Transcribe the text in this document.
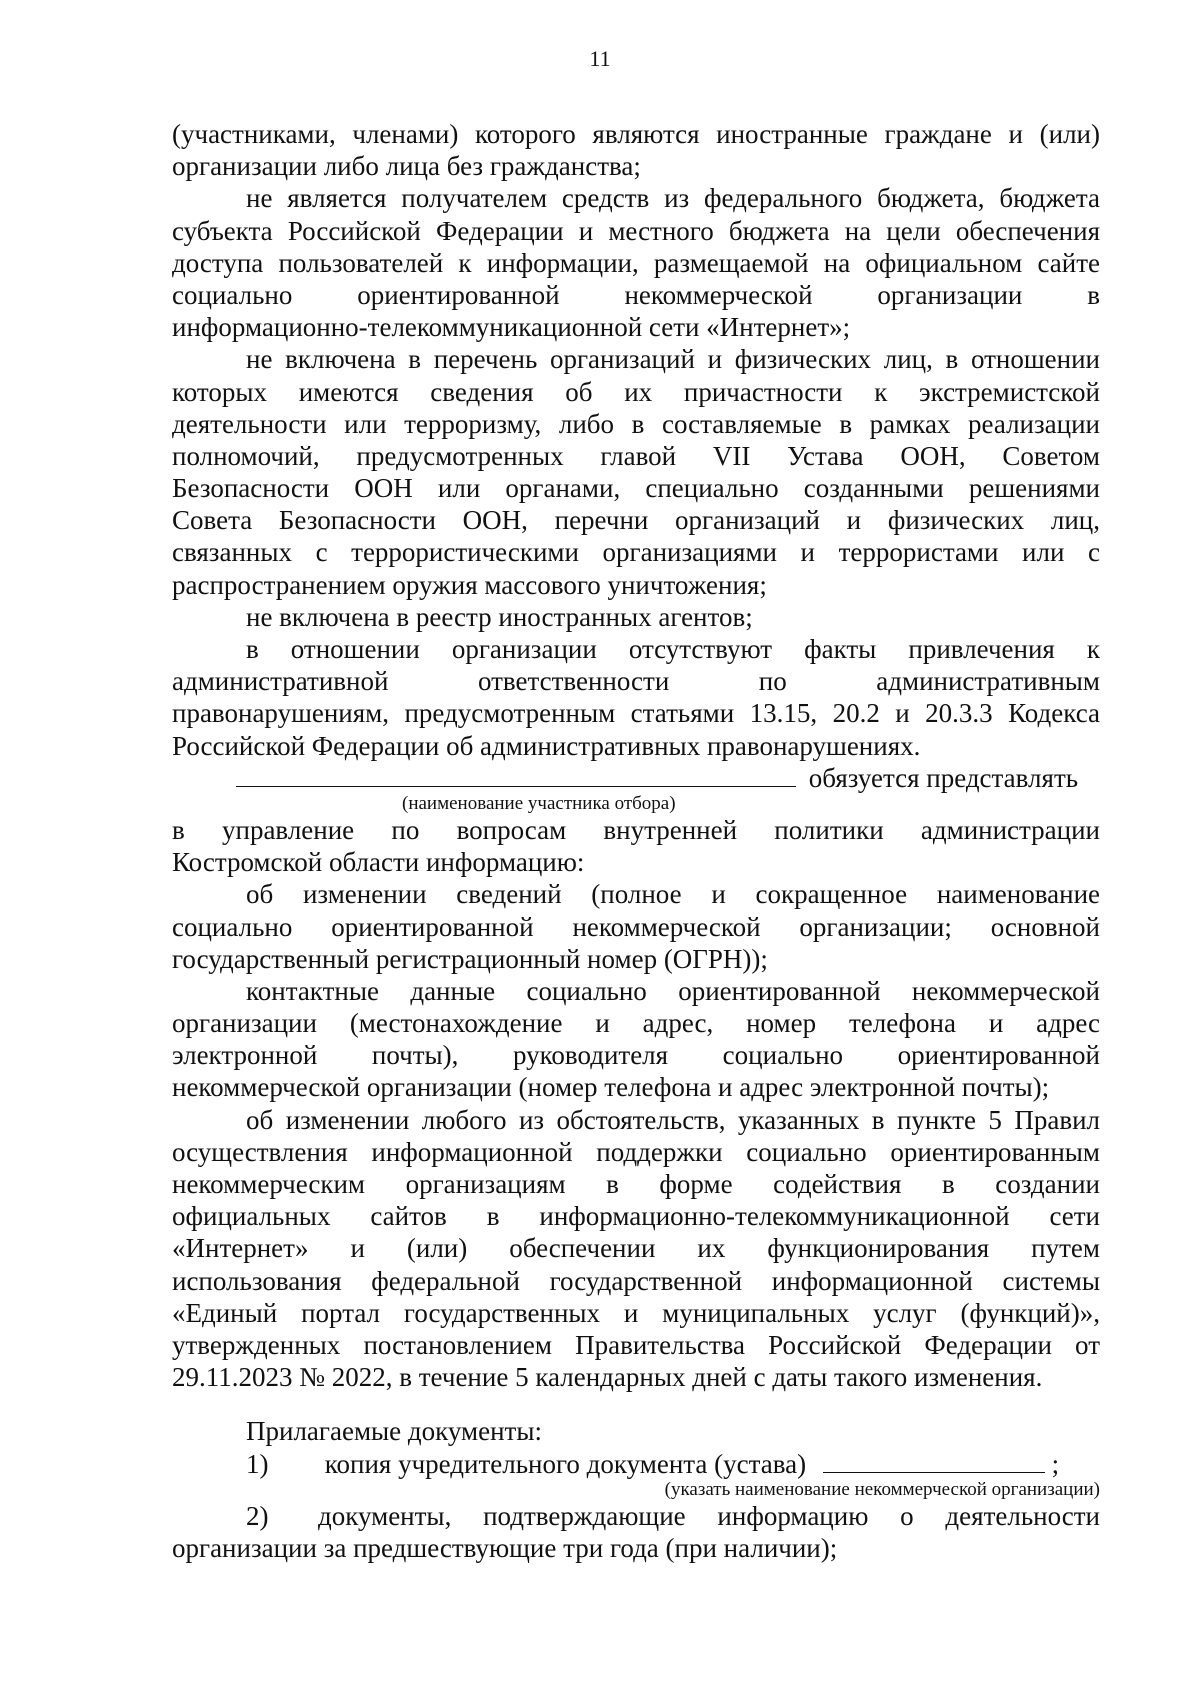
11
(участниками, членами) которого являются иностранные граждане и (или)
организации либо лица без гражданства;
не является получателем средств из федерального бюджета, бюджета
субъекта Российской Федерации и местного бюджета на цели обеспечения
доступа пользователей к информации, размещаемой на официальном сайте
социально ориентированной некоммерческой организации в
информационно-телекоммуникационной сети «Интернет»;
не включена в перечень организаций и физических лиц, в отношении
которых имеются сведения об их причастности к экстремистской
деятельности или терроризму, либо в составляемые в рамках реализации
полномочий, предусмотренных главой VII Устава ООН, Советом
Безопасности ООН или органами, специально созданными решениями
Совета Безопасности ООН, перечни организаций и физических лиц,
связанных с террористическими организациями и террористами или с
распространением оружия массового уничтожения;
не включена в реестр иностранных агентов;
в отношении организации отсутствуют факты привлечения к
административной ответственности по административным
правонарушениям, предусмотренным статьями 13.15, 20.2 и 20.3.3 Кодекса
Российской Федерации об административных правонарушениях.
обязуется представлять
(наименование участника отбора)
в управление по вопросам внутренней политики администрации
Костромской области информацию:
об изменении сведений (полное и сокращенное наименование
социально ориентированной некоммерческой организации; основной
государственный регистрационный номер (ОГРН));
контактные данные социально ориентированной некоммерческой
организации (местонахождение и адрес, номер телефона и адрес
электронной почты), руководителя социально ориентированной
некоммерческой организации (номер телефона и адрес электронной почты);
об изменении любого из обстоятельств, указанных в пункте 5 Правил
осуществления информационной поддержки социально ориентированным
некоммерческим организациям в форме содействия в создании
официальных сайтов в информационно-телекоммуникационной сети
«Интернет» и (или) обеспечении их функционирования путем
использования федеральной государственной информационной системы
«Единый портал государственных и муниципальных услуг (функций)»,
утвержденных постановлением Правительства Российской Федерации от
29.11.2023 № 2022, в течение 5 календарных дней с даты такого изменения.
Прилагаемые документы:
1) копия учредительного документа (устава)	;
(указать наименование некоммерческой организации)
2)	документы, подтверждающие информацию о деятельности
организации за предшествующие три года (при наличии);
